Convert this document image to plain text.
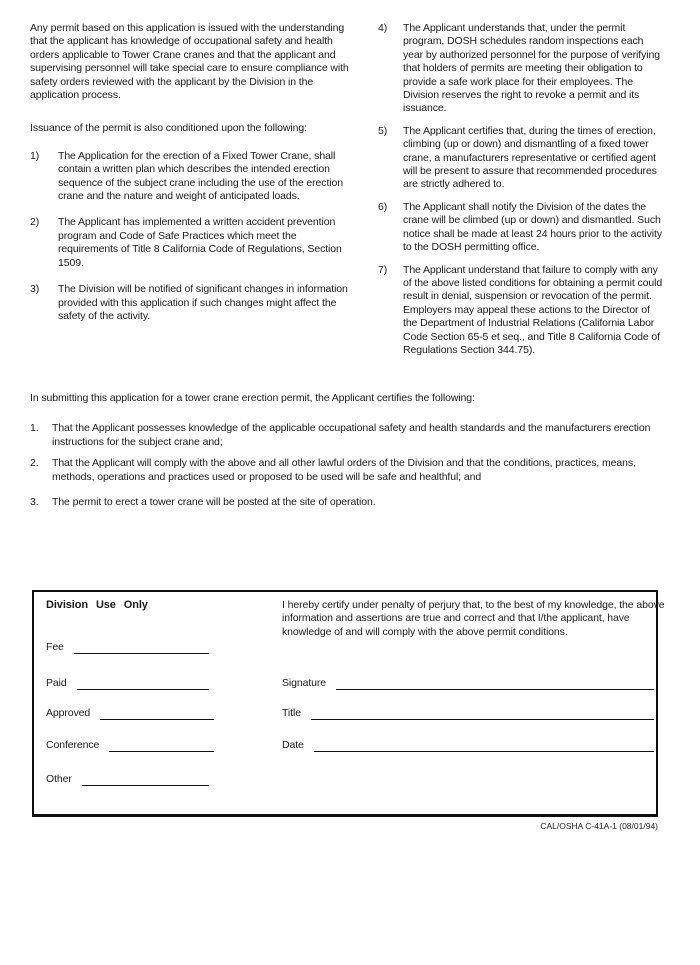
Any permit based on this application is issued with the understanding that the applicant has knowledge of occupational safety and health orders applicable to Tower Crane cranes and that the applicant and supervising personnel will take special care to ensure compliance with safety orders reviewed with the applicant by the Division in the application process.

Issuance of the permit is also conditioned upon the following:

1)	The Application for the erection of a Fixed Tower Crane, shall contain a written plan which describes the intended erection sequence of the subject crane including the use of the erection crane and the nature and weight of anticipated loads.
2)	The Applicant has implemented a written accident prevention program and Code of Safe Practices which meet the requirements of Title 8 California Code of Regulations, Section 1509.
3)	The Division will be notified of significant changes in information provided with this application if such changes might affect the safety of the activity.
4)	The Applicant understands that, under the permit program, DOSH schedules random inspections each year by authorized personnel for the purpose of verifying that holders of permits are meeting their obligation to provide a safe work place for their employees. The Division reserves the right to revoke a permit and its issuance.
5)	The Applicant certifies that, during the times of erection, climbing (up or down) and dismantling of a fixed tower crane, a manufacturers representative or certified agent will be present to assure that recommended procedures are strictly adhered to.
6)	The Applicant shall notify the Division of the dates the crane will be climbed (up or down) and dismantled. Such notice shall be made at least 24 hours prior to the activity to the DOSH permitting office.
7)	The Applicant understand that failure to comply with any of the above listed conditions for obtaining a permit could result in denial, suspension or revocation of the permit. Employers may appeal these actions to the Director of the Department of Industrial Relations (California Labor Code Section 65-5 et seq., and Title 8 California Code of Regulations Section 344.75).

In submitting this application for a tower crane erection permit, the Applicant certifies the following:

1.	That the Applicant possesses knowledge of the applicable occupational safety and health standards and the manufacturers erection instructions for the subject crane and;
2.	That the Applicant will comply with the above and all other lawful orders of the Division and that the conditions, practices, means, methods, operations and practices used or proposed to be used will be safe and healthful; and
3.	The permit to erect a tower crane will be posted at the site of operation.
Division Use Only
Fee
Paid
Approved
Conference
Other

I hereby certify under penalty of perjury that, to the best of my knowledge, the above information and assertions are true and correct and that I/the applicant, have knowledge of and will comply with the above permit conditions.

Signature
Title
Date
CAL/OSHA C-41A-1 (08/01/94)
